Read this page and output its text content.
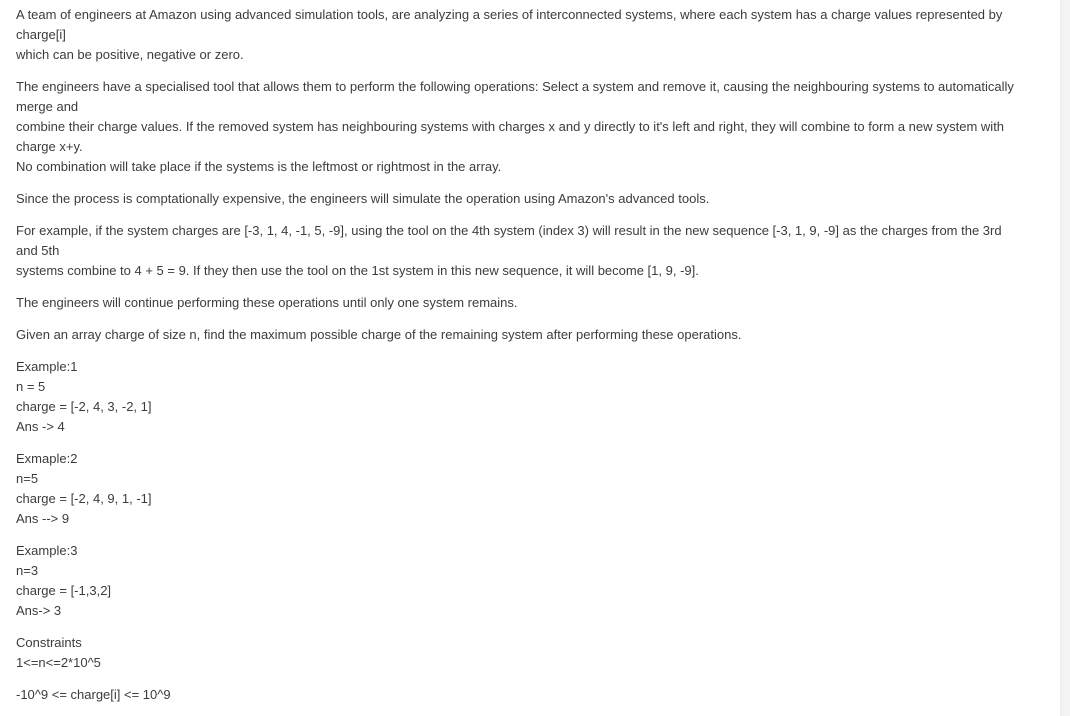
A team of engineers at Amazon using advanced simulation tools, are analyzing a series of interconnected systems, where each system has a charge values represented by
charge[i]
which can be positive, negative or zero.

The engineers have a specialised tool that allows them to perform the following operations: Select a system and remove it, causing the neighbouring systems to automatically
merge and
combine their charge values. If the removed system has neighbouring systems with charges x and y directly to it's left and right, they will combine to form a new system with
charge x+y.
No combination will take place if the systems is the leftmost or rightmost in the array.

Since the process is comptationally expensive, the engineers will simulate the operation using Amazon's advanced tools.

For example, if the system charges are [-3, 1, 4, -1, 5, -9], using the tool on the 4th system (index 3) will result in the new sequence [-3, 1, 9, -9] as the charges from the 3rd
and 5th
systems combine to 4 + 5 = 9. If they then use the tool on the 1st system in this new sequence, it will become [1, 9, -9].

The engineers will continue performing these operations until only one system remains.

Given an array charge of size n, find the maximum possible charge of the remaining system after performing these operations.

Example:1
n = 5
charge = [-2, 4, 3, -2, 1]
Ans -> 4

Exmaple:2
n=5
charge = [-2, 4, 9, 1, -1]
Ans --> 9

Example:3
n=3
charge = [-1,3,2]
Ans-> 3

Constraints
1<=n<=2*10^5

-10^9 <= charge[i] <= 10^9
